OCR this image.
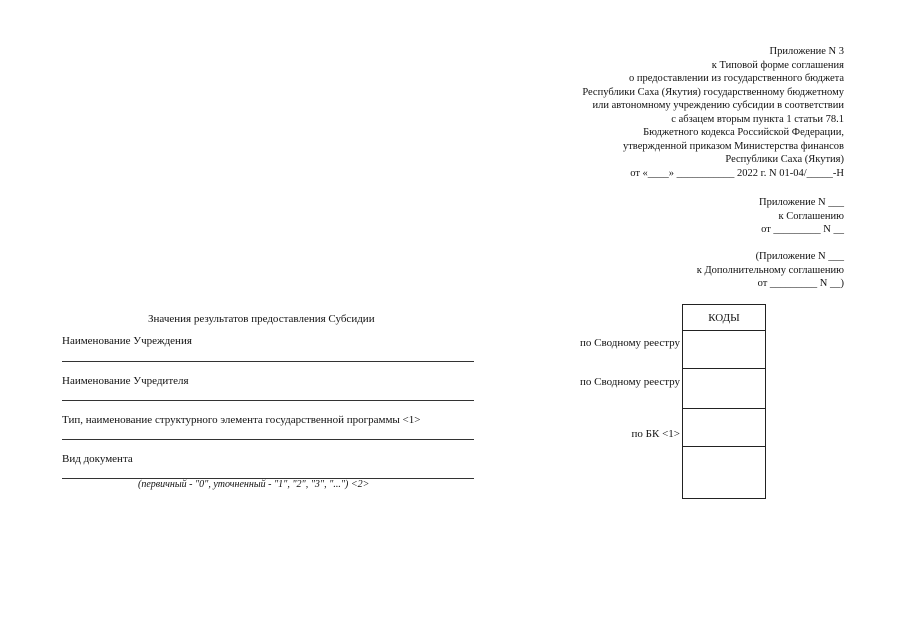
Приложение N 3
к Типовой форме соглашения
о предоставлении из государственного бюджета
Республики Саха (Якутия) государственному бюджетному
или автономному учреждению субсидии в соответствии
с абзацем вторым пункта 1 статьи 78.1
Бюджетного кодекса Российской Федерации,
утвержденной приказом Министерства финансов
Республики Саха (Якутия)
от «____» ___________ 2022 г. N 01-04/_____-Н
Приложение N ___
к Соглашению
от _________ N __
(Приложение N ___
к Дополнительному соглашению
от _________ N __)
Значения результатов предоставления Субсидии
Наименование Учреждения
Наименование Учредителя
Тип, наименование структурного элемента государственной программы <1>
Вид документа
(первичный - "0", уточненный - "1", "2", "3", "...") <2>
по Сводному реестру
по Сводному реестру
по БК <1>
КОДЫ
